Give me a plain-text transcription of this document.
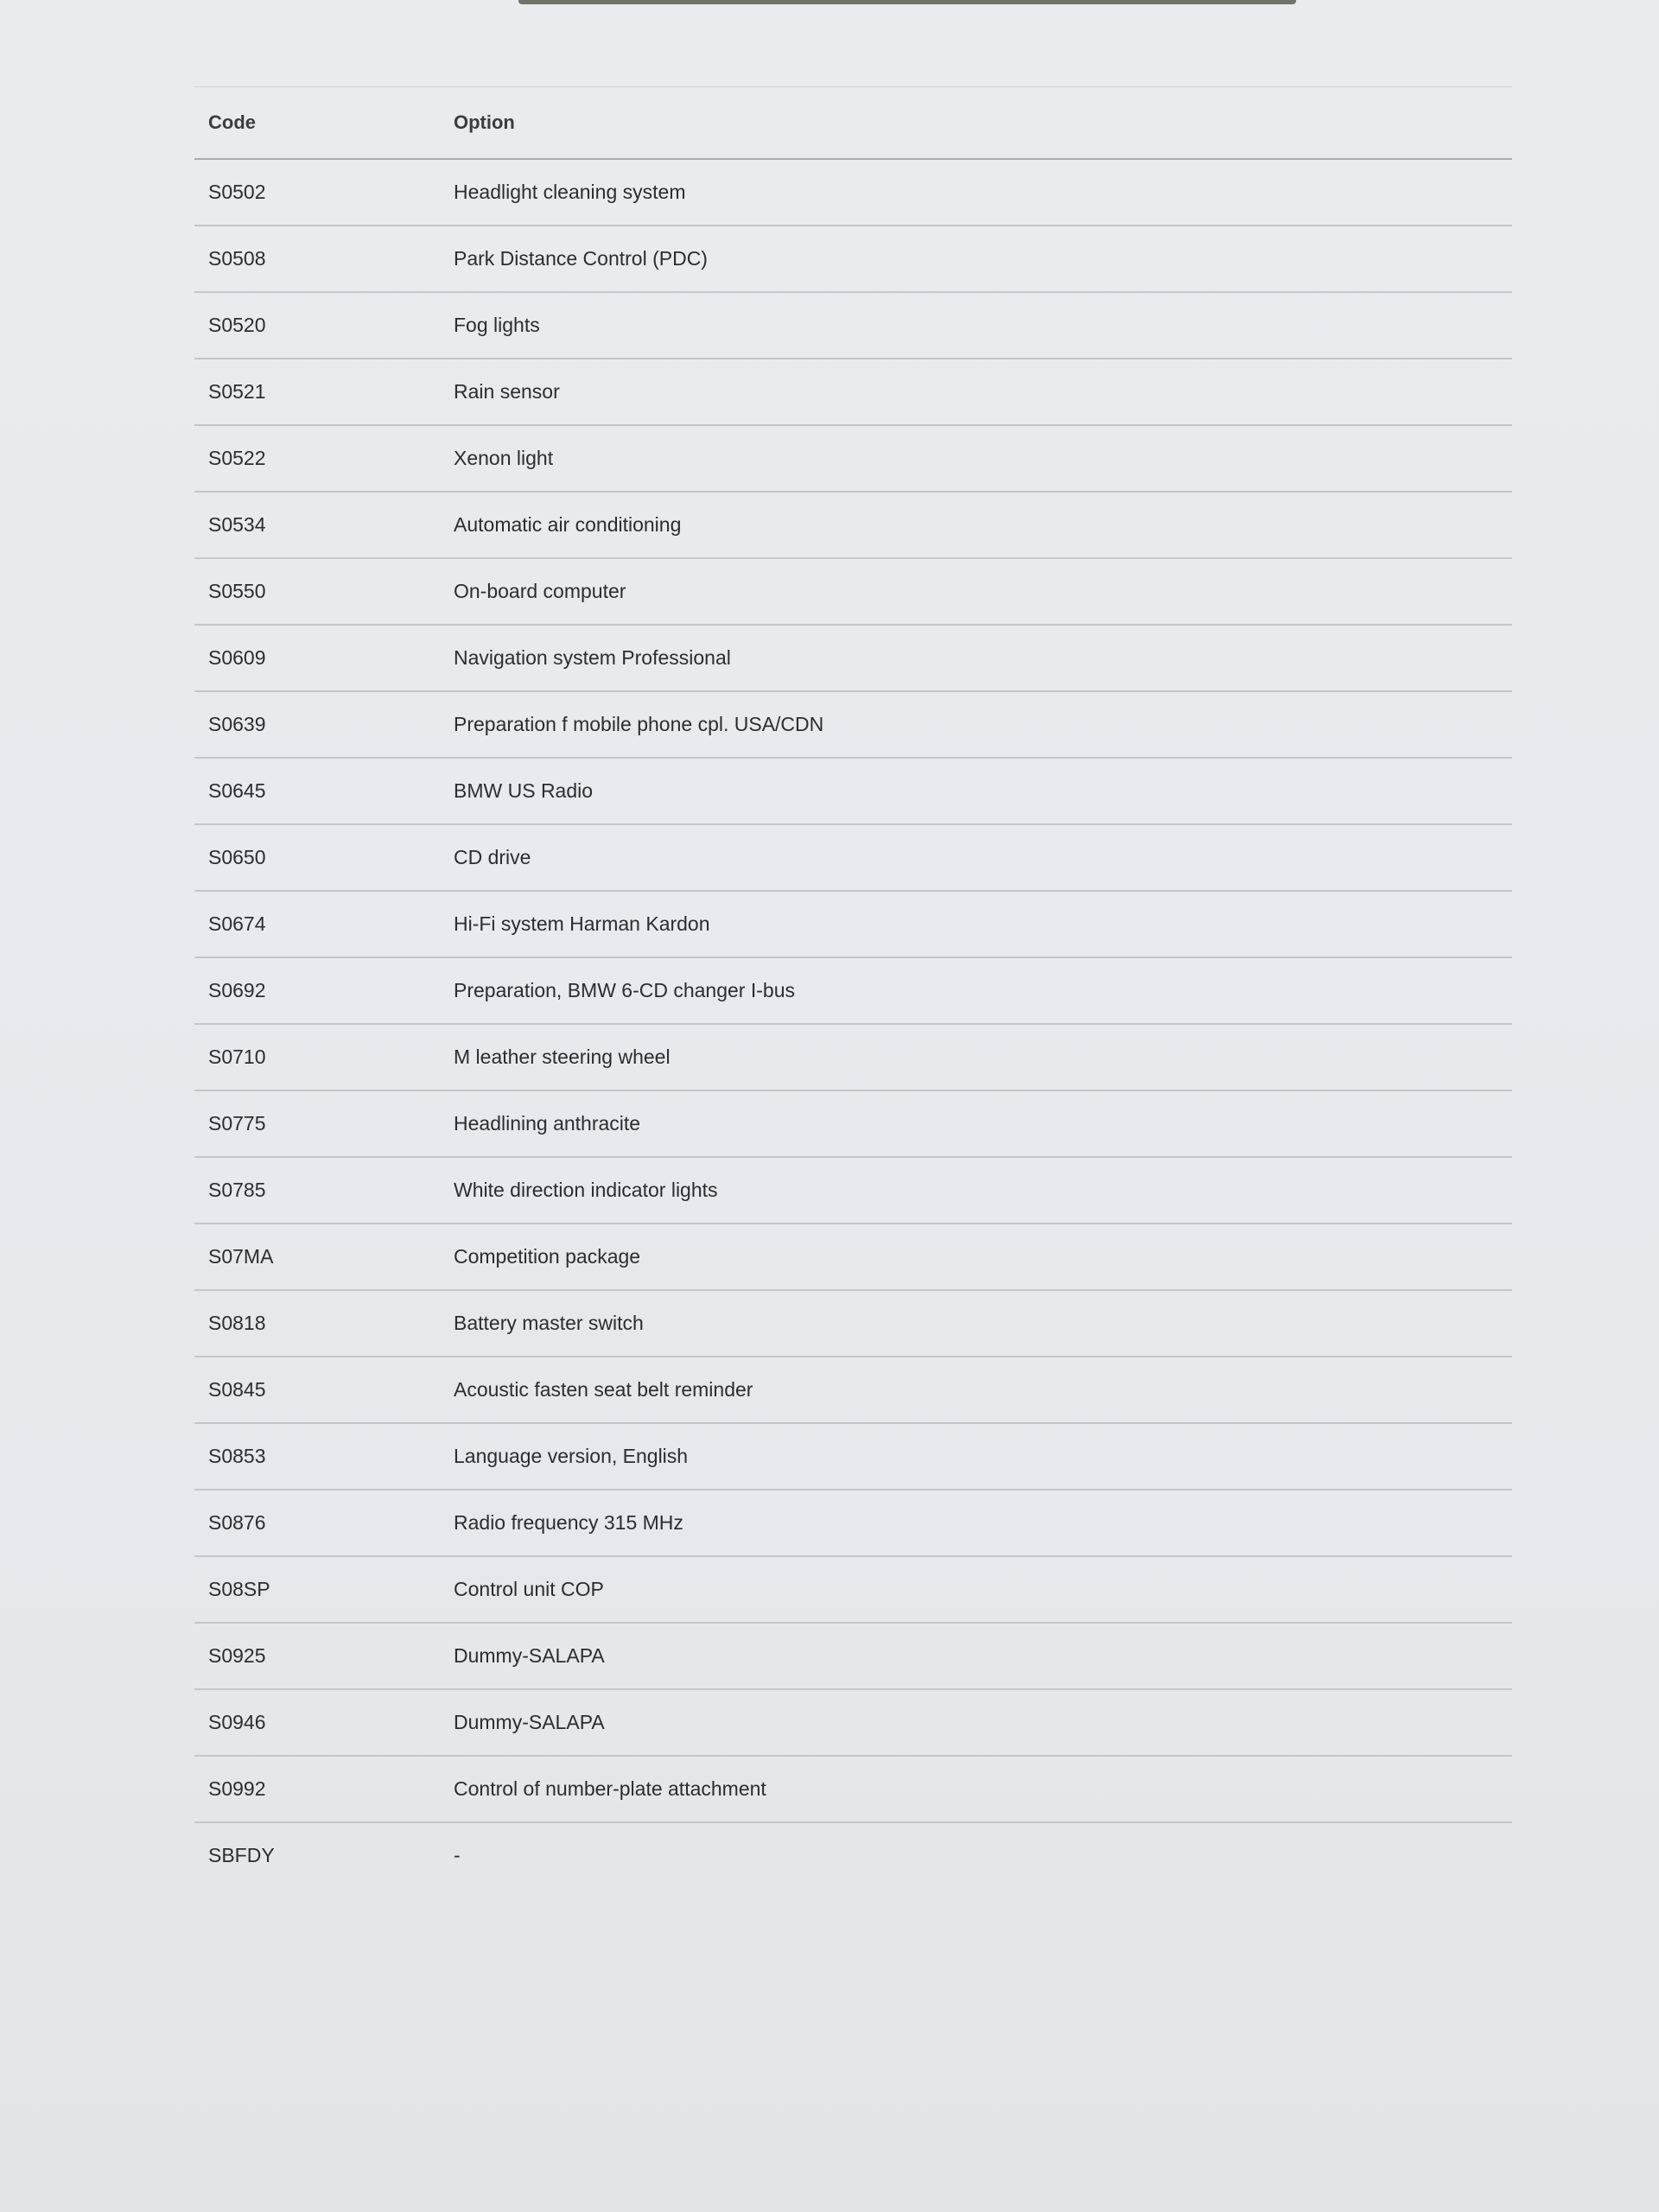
Code	Option
S0502	Headlight cleaning system
S0508	Park Distance Control (PDC)
S0520	Fog lights
S0521	Rain sensor
S0522	Xenon light
S0534	Automatic air conditioning
S0550	On-board computer
S0609	Navigation system Professional
S0639	Preparation f mobile phone cpl. USA/CDN
S0645	BMW US Radio
S0650	CD drive
S0674	Hi-Fi system Harman Kardon
S0692	Preparation, BMW 6-CD changer I-bus
S0710	M leather steering wheel
S0775	Headlining anthracite
S0785	White direction indicator lights
S07MA	Competition package
S0818	Battery master switch
S0845	Acoustic fasten seat belt reminder
S0853	Language version, English
S0876	Radio frequency 315 MHz
S08SP	Control unit COP
S0925	Dummy-SALAPA
S0946	Dummy-SALAPA
S0992	Control of number-plate attachment
SBFDY	-
